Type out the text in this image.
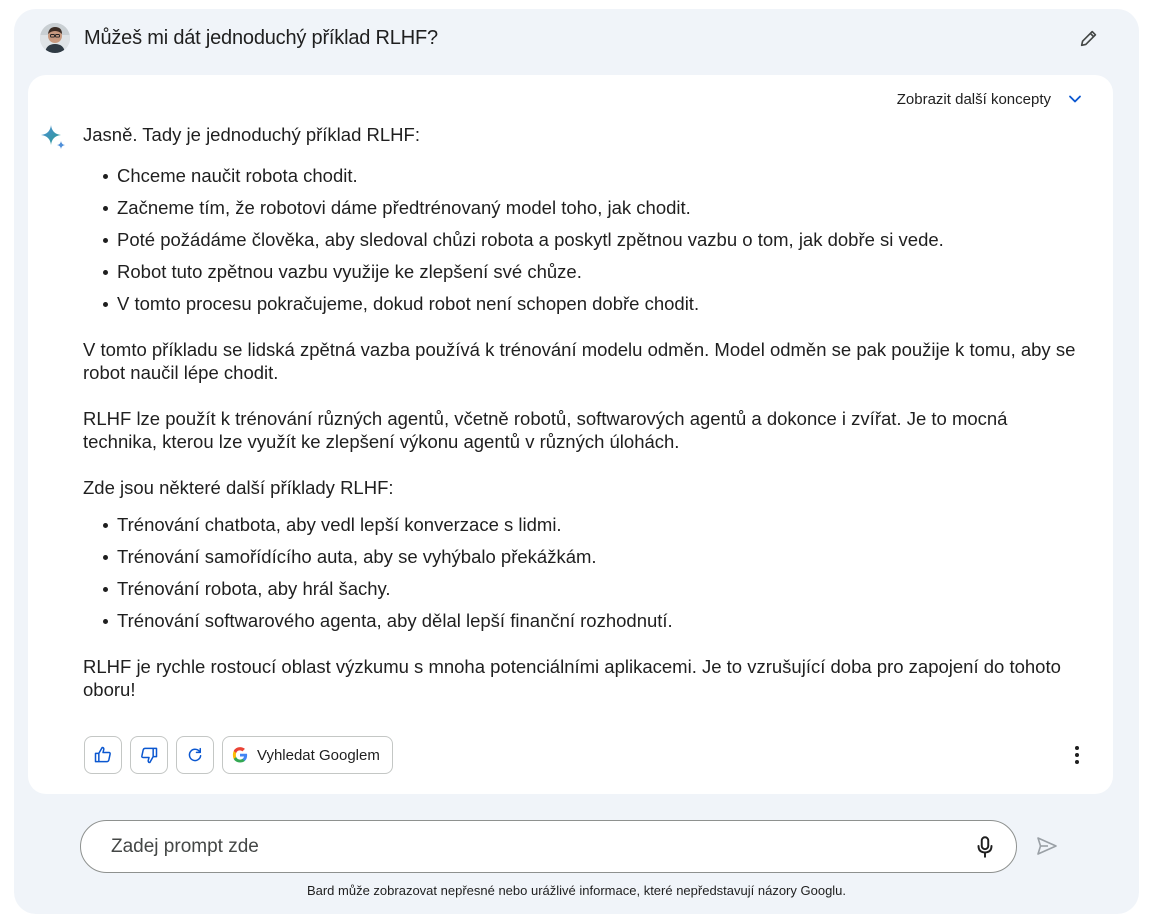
Můžeš mi dát jednoduchý příklad RLHF?
Zobrazit další koncepty

Jasně. Tady je jednoduchý příklad RLHF:

Chceme naučit robota chodit.
Začneme tím, že robotovi dáme předtrénovaný model toho, jak chodit.
Poté požádáme člověka, aby sledoval chůzi robota a poskytl zpětnou vazbu o tom, jak dobře si vede.
Robot tuto zpětnou vazbu využije ke zlepšení své chůze.
V tomto procesu pokračujeme, dokud robot není schopen dobře chodit.

V tomto příkladu se lidská zpětná vazba používá k trénování modelu odměn. Model odměn se pak použije k tomu, aby se robot naučil lépe chodit.

RLHF lze použít k trénování různých agentů, včetně robotů, softwarových agentů a dokonce i zvířat. Je to mocná technika, kterou lze využít ke zlepšení výkonu agentů v různých úlohách.

Zde jsou některé další příklady RLHF:

Trénování chatbota, aby vedl lepší konverzace s lidmi.
Trénování samořídícího auta, aby se vyhýbalo překážkám.
Trénování robota, aby hrál šachy.
Trénování softwarového agenta, aby dělal lepší finanční rozhodnutí.

RLHF je rychle rostoucí oblast výzkumu s mnoha potenciálními aplikacemi. Je to vzrušující doba pro zapojení do tohoto oboru!

Vyhledat Googlem
Zadej prompt zde
Bard může zobrazovat nepřesné nebo urážlivé informace, které nepředstavují názory Googlu.
